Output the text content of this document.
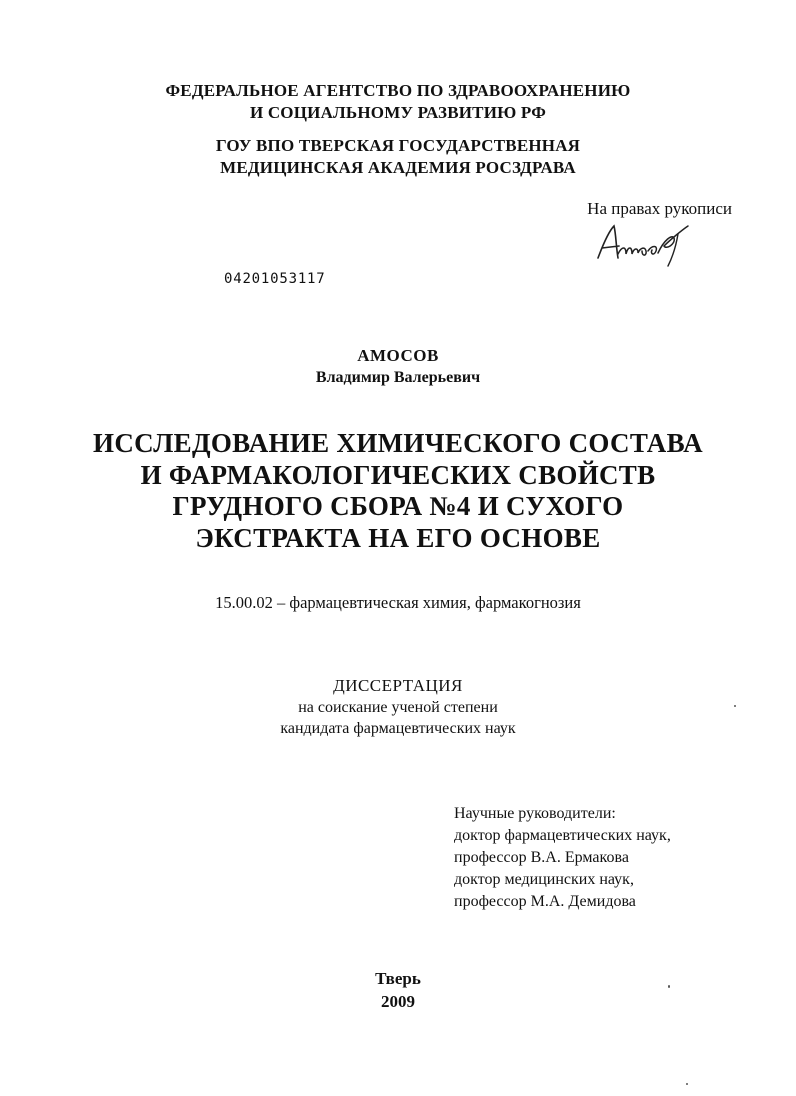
ФЕДЕРАЛЬНОЕ АГЕНТСТВО ПО ЗДРАВООХРАНЕНИЮ
И СОЦИАЛЬНОМУ РАЗВИТИЮ РФ
ГОУ ВПО ТВЕРСКАЯ ГОСУДАРСТВЕННАЯ
МЕДИЦИНСКАЯ АКАДЕМИЯ РОСЗДРАВА
На правах рукописи
04201053117
АМОСОВ
Владимир Валерьевич
ИССЛЕДОВАНИЕ ХИМИЧЕСКОГО СОСТАВА
И ФАРМАКОЛОГИЧЕСКИХ СВОЙСТВ
ГРУДНОГО СБОРА №4 И СУХОГО
ЭКСТРАКТА НА ЕГО ОСНОВЕ
15.00.02 – фармацевтическая химия, фармакогнозия
ДИССЕРТАЦИЯ
на соискание ученой степени
кандидата фармацевтических наук
Научные руководители:
доктор фармацевтических наук,
профессор В.А. Ермакова
доктор медицинских наук,
профессор М.А. Демидова
Тверь
2009
